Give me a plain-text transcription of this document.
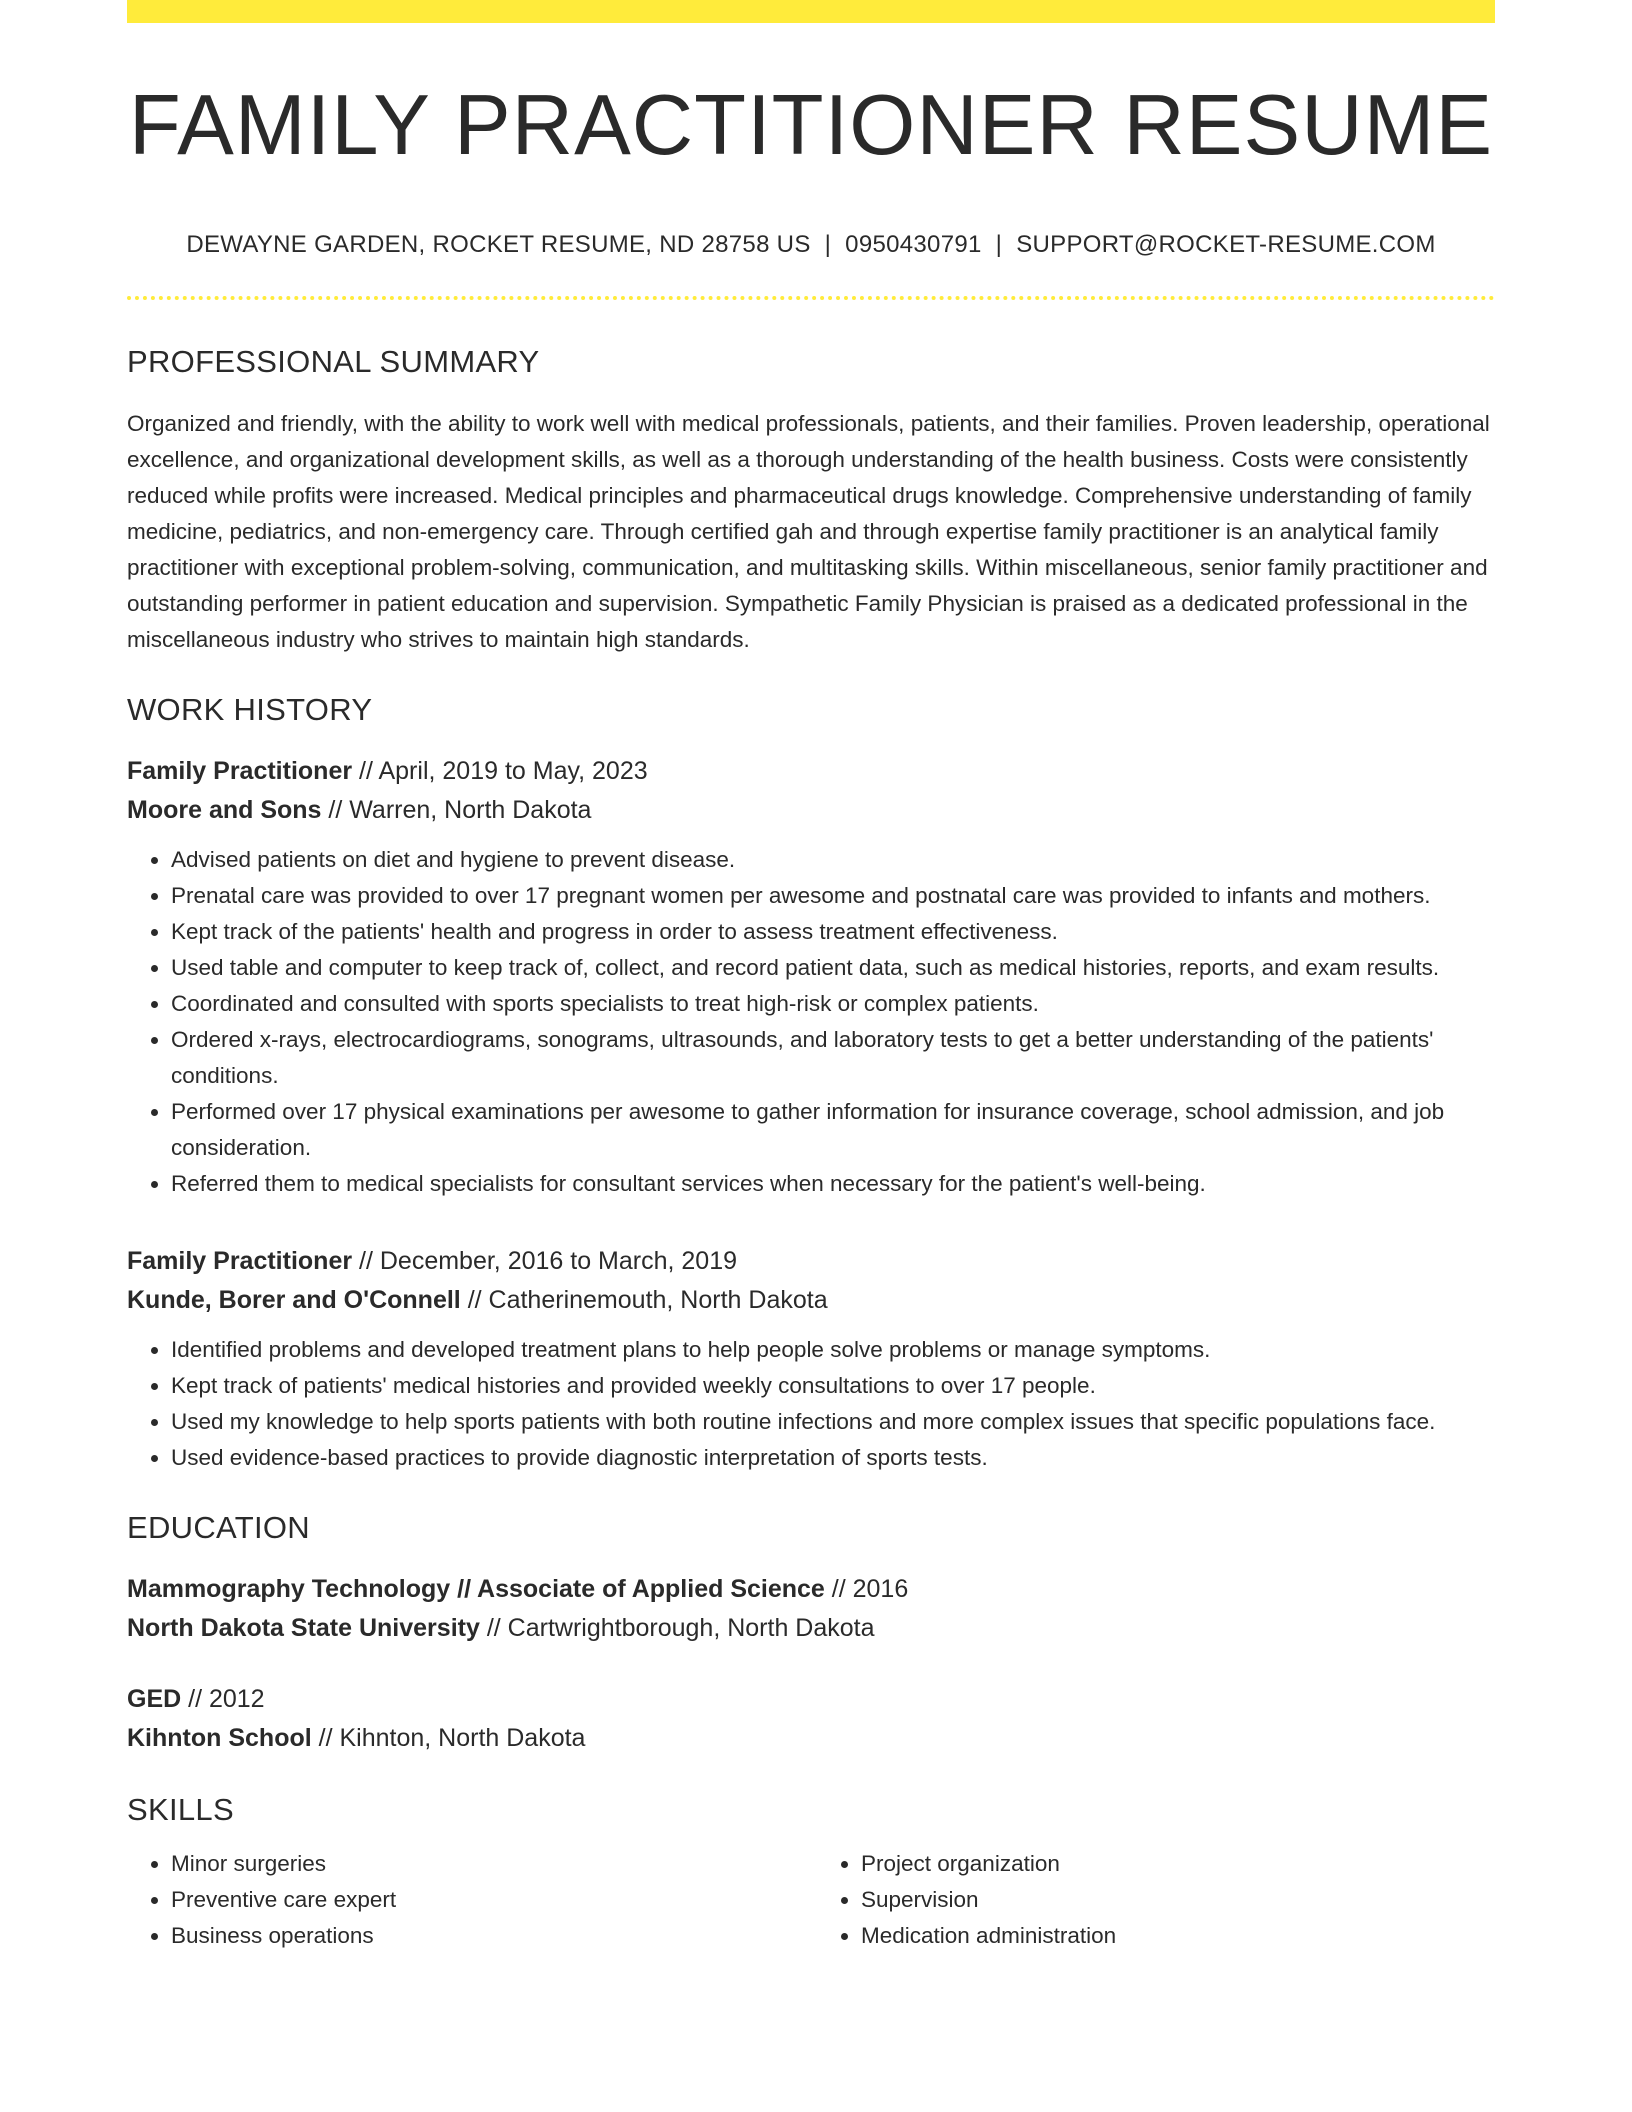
FAMILY PRACTITIONER RESUME
DEWAYNE GARDEN, ROCKET RESUME, ND 28758 US | 0950430791 | SUPPORT@ROCKET-RESUME.COM
PROFESSIONAL SUMMARY
Organized and friendly, with the ability to work well with medical professionals, patients, and their families. Proven leadership, operational excellence, and organizational development skills, as well as a thorough understanding of the health business. Costs were consistently reduced while profits were increased. Medical principles and pharmaceutical drugs knowledge. Comprehensive understanding of family medicine, pediatrics, and non-emergency care. Through certified gah and through expertise family practitioner is an analytical family practitioner with exceptional problem-solving, communication, and multitasking skills. Within miscellaneous, senior family practitioner and outstanding performer in patient education and supervision. Sympathetic Family Physician is praised as a dedicated professional in the miscellaneous industry who strives to maintain high standards.
WORK HISTORY
Family Practitioner // April, 2019 to May, 2023
Moore and Sons // Warren, North Dakota
• Advised patients on diet and hygiene to prevent disease.
• Prenatal care was provided to over 17 pregnant women per awesome and postnatal care was provided to infants and mothers.
• Kept track of the patients' health and progress in order to assess treatment effectiveness.
• Used table and computer to keep track of, collect, and record patient data, such as medical histories, reports, and exam results.
• Coordinated and consulted with sports specialists to treat high-risk or complex patients.
• Ordered x-rays, electrocardiograms, sonograms, ultrasounds, and laboratory tests to get a better understanding of the patients' conditions.
• Performed over 17 physical examinations per awesome to gather information for insurance coverage, school admission, and job consideration.
• Referred them to medical specialists for consultant services when necessary for the patient's well-being.
Family Practitioner // December, 2016 to March, 2019
Kunde, Borer and O'Connell // Catherinemouth, North Dakota
• Identified problems and developed treatment plans to help people solve problems or manage symptoms.
• Kept track of patients' medical histories and provided weekly consultations to over 17 people.
• Used my knowledge to help sports patients with both routine infections and more complex issues that specific populations face.
• Used evidence-based practices to provide diagnostic interpretation of sports tests.
EDUCATION
Mammography Technology // Associate of Applied Science // 2016
North Dakota State University // Cartwrightborough, North Dakota
GED // 2012
Kihnton School // Kihnton, North Dakota
SKILLS
• Minor surgeries
• Preventive care expert
• Business operations
• Project organization
• Supervision
• Medication administration
